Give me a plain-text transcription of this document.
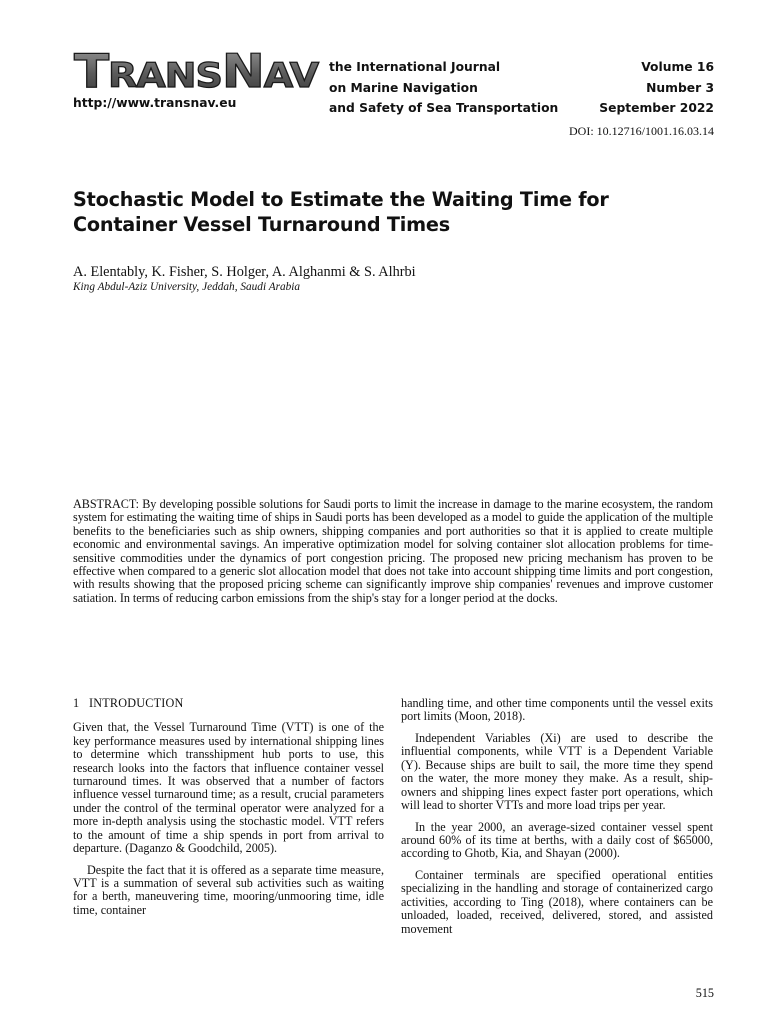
T RANSN AV
http://www.transnav.eu
the International Journal
on Marine Navigation
and Safety of Sea Transportation
Volume 16
Number 3
September 2022
DOI: 10.12716/1001.16.03.14
Stochastic Model to Estimate the Waiting Time for
Container Vessel Turnaround Times
A. Elentably, K. Fisher, S. Holger, A. Alghanmi & S. Alhrbi
King Abdul-Aziz University, Jeddah, Saudi Arabia
ABSTRACT: By developing possible solutions for Saudi ports to limit the increase in damage to the marine ecosystem, the random system for estimating the waiting time of ships in Saudi ports has been developed as a model to guide the application of the multiple benefits to the beneficiaries such as ship owners, shipping companies and port authorities so that it is applied to create multiple economic and environmental savings. An imperative optimization model for solving container slot allocation problems for time-sensitive commodities under the dynamics of port congestion pricing. The proposed new pricing mechanism has proven to be effective when compared to a generic slot allocation model that does not take into account shipping time limits and port congestion, with results showing that the proposed pricing scheme can significantly improve ship companies' revenues and improve customer satiation. In terms of reducing carbon emissions from the ship's stay for a longer period at the docks.
1 INTRODUCTION

Given that, the Vessel Turnaround Time (VTT) is one of the key performance measures used by international shipping lines to determine which transshipment hub ports to use, this research looks into the factors that influence container vessel turnaround times. It was observed that a number of factors influence vessel turnaround time; as a result, crucial parameters under the control of the terminal operator were analyzed for a more in-depth analysis using the stochastic model. VTT refers to the amount of time a ship spends in port from arrival to departure. (Daganzo & Goodchild, 2005).

Despite the fact that it is offered as a separate time measure, VTT is a summation of several sub activities such as waiting for a berth, maneuvering time, mooring/unmooring time, idle time, container

handling time, and other time components until the vessel exits port limits (Moon, 2018).

Independent Variables (Xi) are used to describe the influential components, while VTT is a Dependent Variable (Y). Because ships are built to sail, the more time they spend on the water, the more money they make. As a result, ship-owners and shipping lines expect faster port operations, which will lead to shorter VTTs and more load trips per year.

In the year 2000, an average-sized container vessel spent around 60% of its time at berths, with a daily cost of $65000, according to Ghotb, Kia, and Shayan (2000).

Container terminals are specified operational entities specializing in the handling and storage of containerized cargo activities, according to Ting (2018), where containers can be unloaded, loaded, received, delivered, stored, and assisted movement

515
